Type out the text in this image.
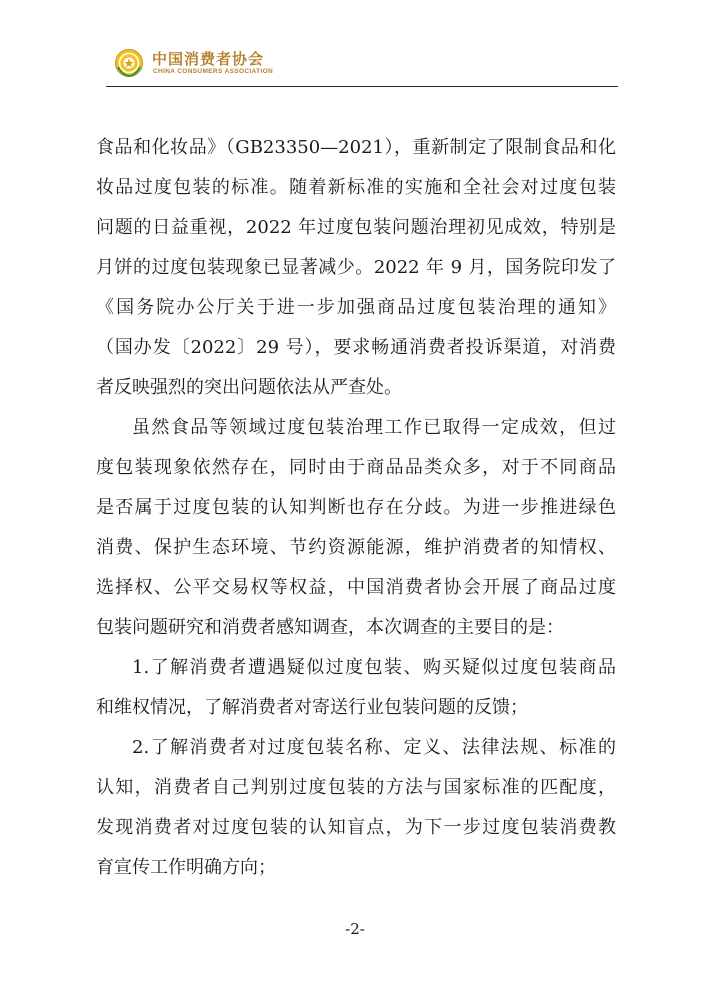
中国消费者协会
CHINA CONSUMERS ASSOCIATION
食品和化妆品》（GB23350—2021），重新制定了限制食品和化
妆品过度包装的标准。随着新标准的实施和全社会对过度包装
问题的日益重视，2022 年过度包装问题治理初见成效，特别是
月饼的过度包装现象已显著减少。2022 年 9 月，国务院印发了
《国务院办公厅关于进一步加强商品过度包装治理的通知》
（国办发〔2022〕29 号），要求畅通消费者投诉渠道，对消费
者反映强烈的突出问题依法从严查处。
虽然食品等领域过度包装治理工作已取得一定成效，但过
度包装现象依然存在，同时由于商品品类众多，对于不同商品
是否属于过度包装的认知判断也存在分歧。为进一步推进绿色
消费、保护生态环境、节约资源能源，维护消费者的知情权、
选择权、公平交易权等权益，中国消费者协会开展了商品过度
包装问题研究和消费者感知调查，本次调查的主要目的是：
1.了解消费者遭遇疑似过度包装、购买疑似过度包装商品
和维权情况，了解消费者对寄送行业包装问题的反馈；
2.了解消费者对过度包装名称、定义、法律法规、标准的
认知，消费者自己判别过度包装的方法与国家标准的匹配度，
发现消费者对过度包装的认知盲点，为下一步过度包装消费教
育宣传工作明确方向；
-2-
